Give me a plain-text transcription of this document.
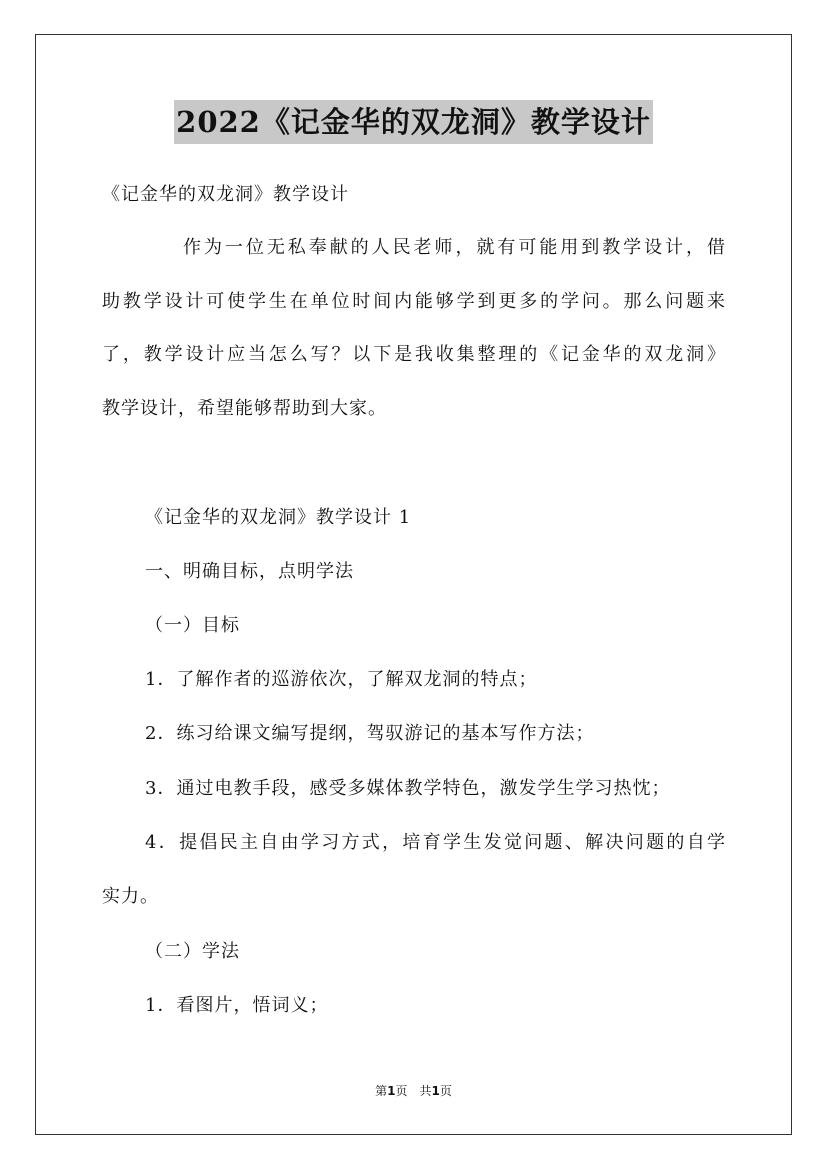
2022《记金华的双龙洞》教学设计
《记金华的双龙洞》教学设计
作为一位无私奉献的人民老师，就有可能用到教学设计，借
助教学设计可使学生在单位时间内能够学到更多的学问。那么问题来
了，教学设计应当怎么写？以下是我收集整理的《记金华的双龙洞》
教学设计，希望能够帮助到大家。
《记金华的双龙洞》教学设计 1
一、明确目标，点明学法
（一）目标
1．了解作者的巡游依次，了解双龙洞的特点；
2．练习给课文编写提纲，驾驭游记的基本写作方法；
3．通过电教手段，感受多媒体教学特色，激发学生学习热忱；
4．提倡民主自由学习方式，培育学生发觉问题、解决问题的自学
实力。
（二）学法
1．看图片，悟词义；
第1页　共1页
